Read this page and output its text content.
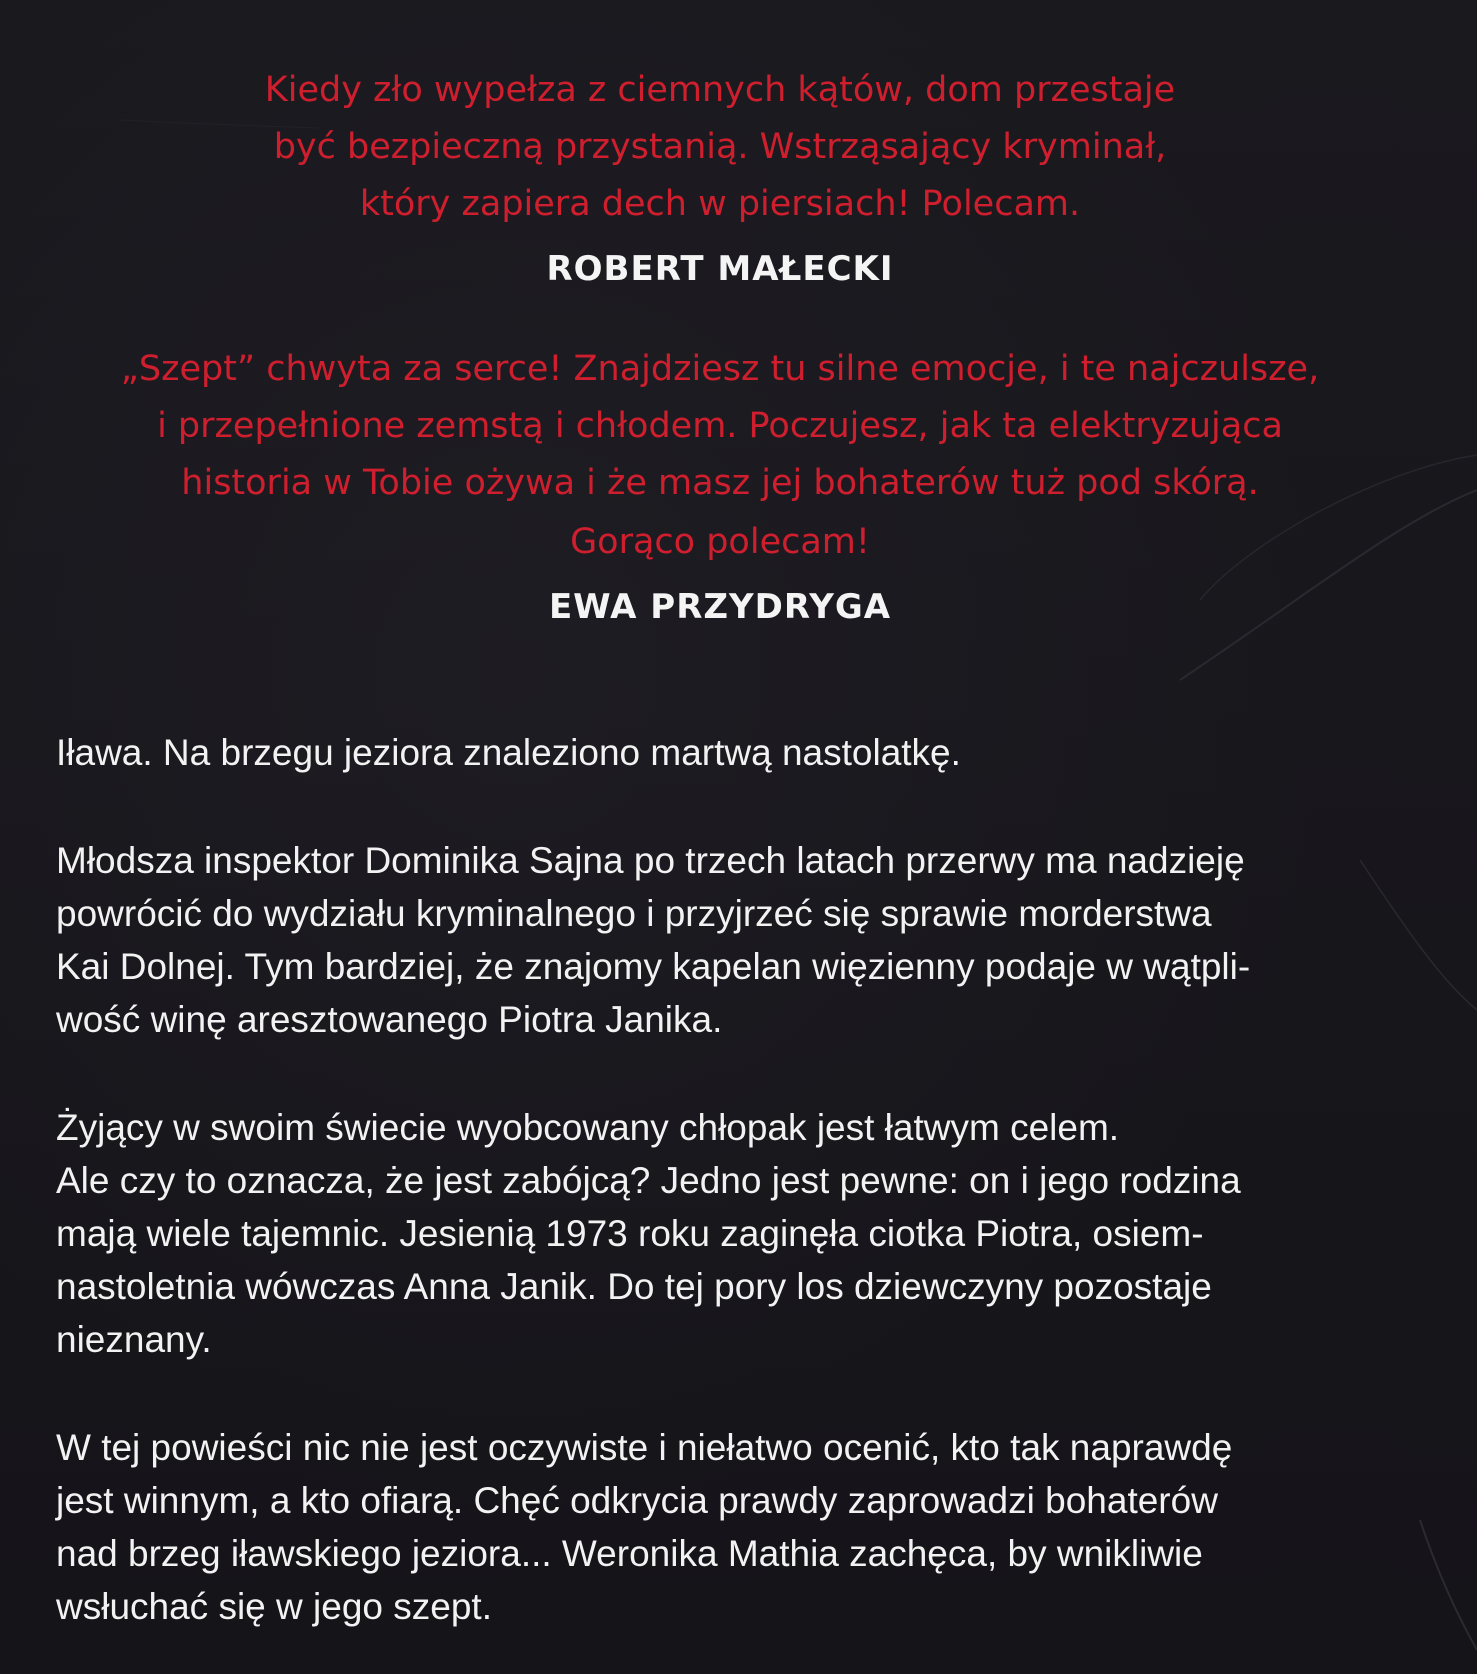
Kiedy zło wypełza z ciemnych kątów, dom przestaje

być bezpieczną przystanią. Wstrząsający kryminał,

który zapiera dech w piersiach! Polecam.

ROBERT MAŁECKI

„Szept” chwyta za serce! Znajdziesz tu silne emocje, i te najczulsze,

i przepełnione zemstą i chłodem. Poczujesz, jak ta elektryzująca

historia w Tobie ożywa i że masz jej bohaterów tuż pod skórą.

Gorąco polecam!

EWA PRZYDRYGA

Iława. Na brzegu jeziora znaleziono martwą nastolatkę.

Młodsza inspektor Dominika Sajna po trzech latach przerwy ma nadzieję
powrócić do wydziału kryminalnego i przyjrzeć się sprawie morderstwa
Kai Dolnej. Tym bardziej, że znajomy kapelan więzienny podaje w wątpli-
wość winę aresztowanego Piotra Janika.

Żyjący w swoim świecie wyobcowany chłopak jest łatwym celem.
Ale czy to oznacza, że jest zabójcą? Jedno jest pewne: on i jego rodzina
mają wiele tajemnic. Jesienią 1973 roku zaginęła ciotka Piotra, osiem-
nastoletnia wówczas Anna Janik. Do tej pory los dziewczyny pozostaje
nieznany.

W tej powieści nic nie jest oczywiste i niełatwo ocenić, kto tak naprawdę
jest winnym, a kto ofiarą. Chęć odkrycia prawdy zaprowadzi bohaterów
nad brzeg iławskiego jeziora... Weronika Mathia zachęca, by wnikliwie
wsłuchać się w jego szept.
